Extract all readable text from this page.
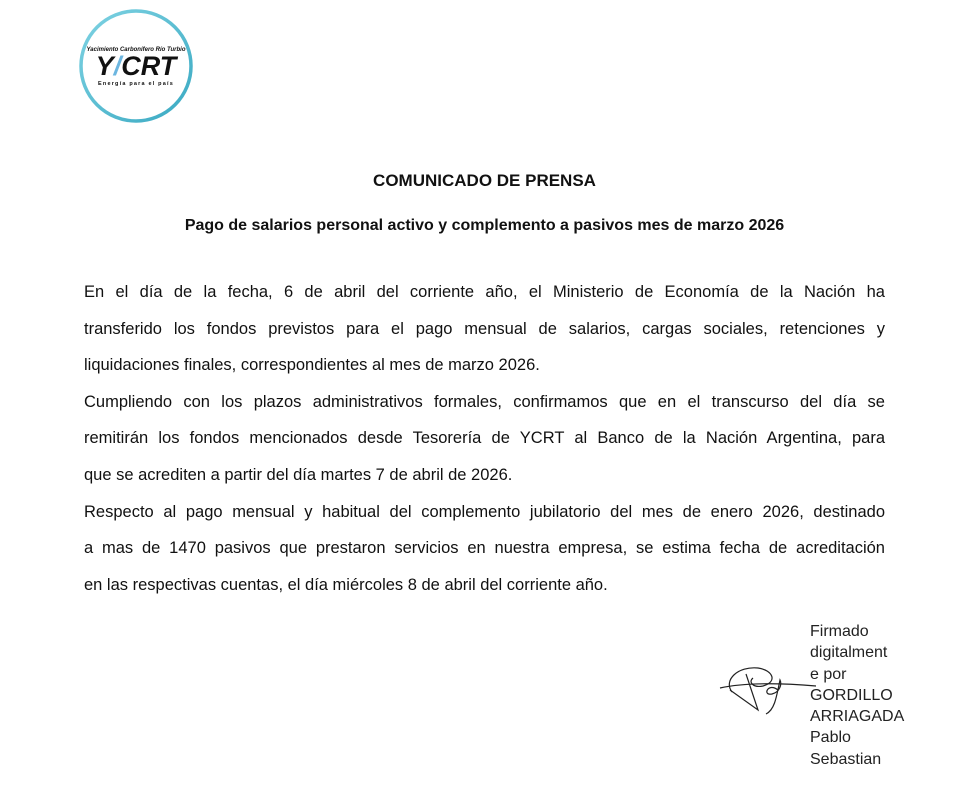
Yacimiento Carbonífero Río Turbio
Y/CRT
Energía para el país
COMUNICADO DE PRENSA
Pago de salarios personal activo y complemento a pasivos mes de marzo 2026
En el día de la fecha, 6 de abril del corriente año, el Ministerio de Economía de la Nación ha
transferido los fondos previstos para el pago mensual de salarios, cargas sociales, retenciones y
liquidaciones finales, correspondientes al mes de marzo 2026.
Cumpliendo con los plazos administrativos formales, confirmamos que en el transcurso del día se
remitirán los fondos mencionados desde Tesorería de YCRT al Banco de la Nación Argentina, para
que se acrediten a partir del día martes 7 de abril de 2026.
Respecto al pago mensual y habitual del complemento jubilatorio del mes de enero 2026, destinado
a mas de 1470 pasivos que prestaron servicios en nuestra empresa, se estima fecha de acreditación
en las respectivas cuentas, el día miércoles 8 de abril del corriente año.
Firmado
digitalment
e por
GORDILLO
ARRIAGADA
Pablo
Sebastian
